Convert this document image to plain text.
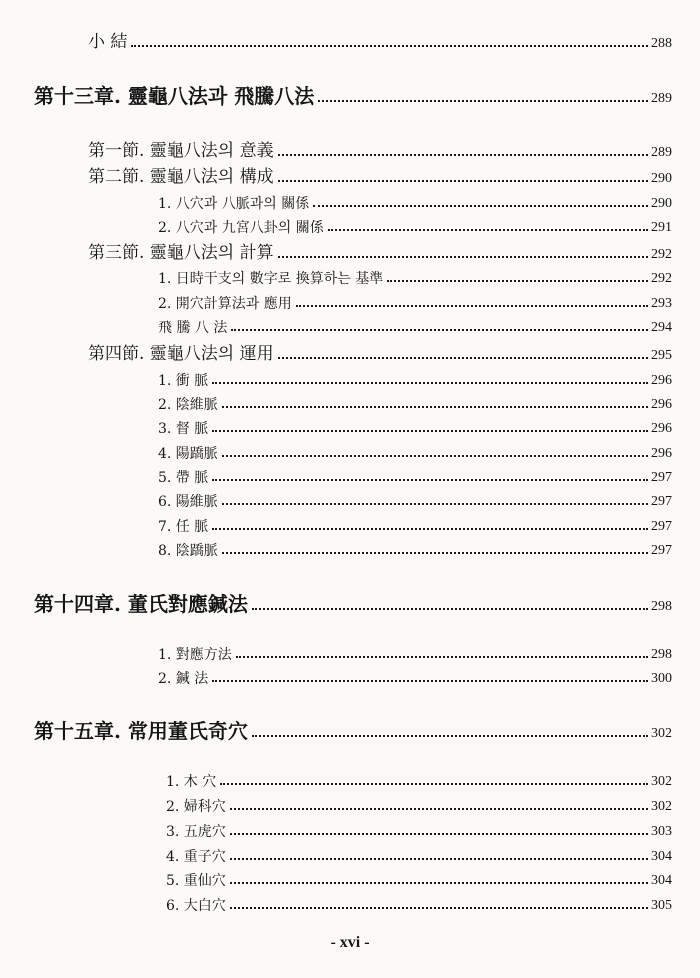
小 結	288
第十三章. 靈龜八法과 飛騰八法	289
第一節. 靈龜八法의 意義	289
第二節. 靈龜八法의 構成	290
1. 八穴과 八脈과의 關係	290
2. 八穴과 九宮八卦의 關係	291
第三節. 靈龜八法의 計算	292
1. 日時干支의 數字로 換算하는 基準	292
2. 開穴計算法과 應用	293
飛 騰 八 法	294
第四節. 靈龜八法의 運用	295
1. 衝 脈	296
2. 陰維脈	296
3. 督 脈	296
4. 陽蹻脈	296
5. 帶 脈	297
6. 陽維脈	297
7. 任 脈	297
8. 陰蹻脈	297
第十四章. 董氏對應鍼法	298
1. 對應方法	298
2. 鍼 法	300
第十五章. 常用董氏奇穴	302
1. 木 穴	302
2. 婦科穴	302
3. 五虎穴	303
4. 重子穴	304
5. 重仙穴	304
6. 大白穴	305
- xvi -
